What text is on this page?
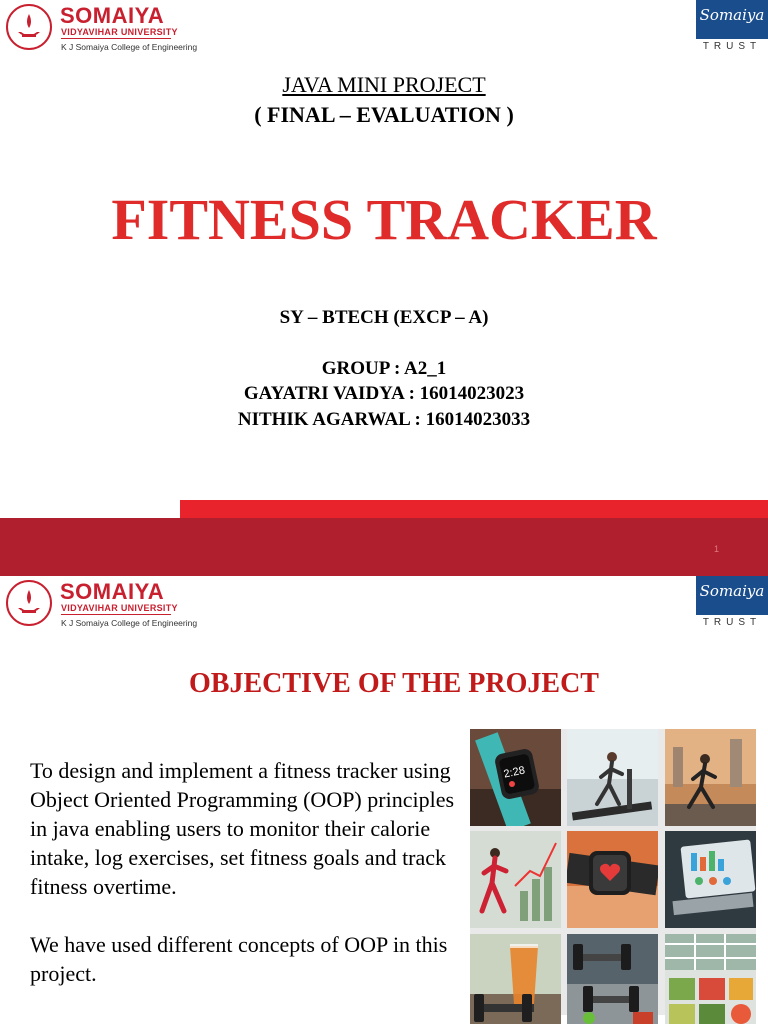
SOMAIYA
VIDYAVIHAR UNIVERSITY
K J Somaiya College of Engineering
Somaiya
TRUST
JAVA MINI PROJECT
( FINAL – EVALUATION )
FITNESS TRACKER
SY – BTECH (EXCP – A)
GROUP : A2_1
GAYATRI VAIDYA : 16014023023
NITHIK AGARWAL : 16014023033
1
SOMAIYA
VIDYAVIHAR UNIVERSITY
K J Somaiya College of Engineering
Somaiya
TRUST
OBJECTIVE OF THE PROJECT

To design and implement a fitness tracker using Object Oriented Programming (OOP) principles in java enabling users to monitor their calorie intake, log exercises, set fitness goals and track fitness overtime.

We have used different concepts of OOP in this project.

2:28
